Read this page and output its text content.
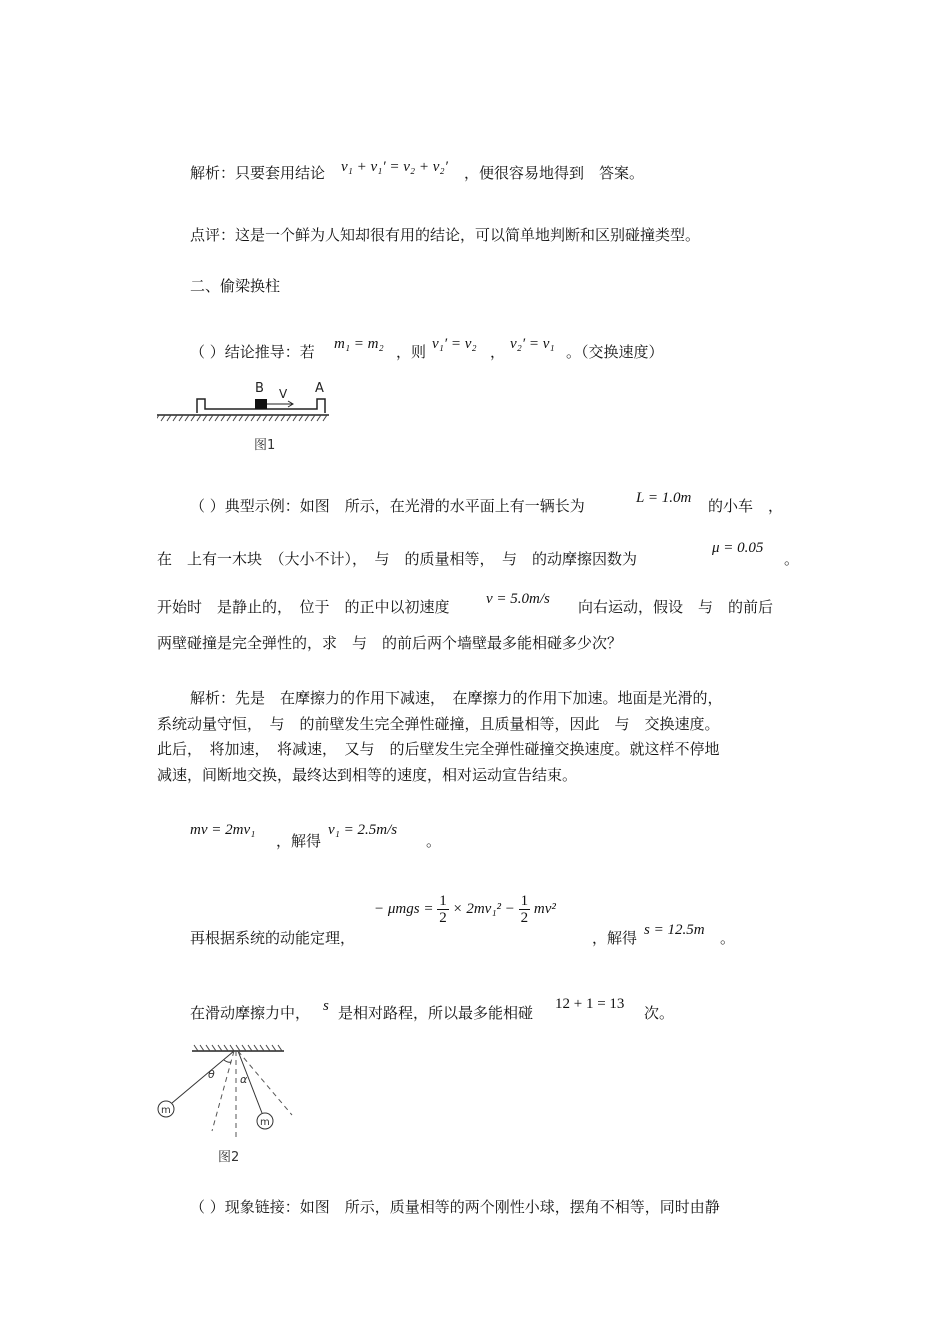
解析：只要套用结论 v₁ + v₁′ = v₂ + v₂′ ，便很容易地得到　答案。
点评：这是一个鲜为人知却很有用的结论，可以简单地判断和区别碰撞类型。
二、偷梁换柱
（ ）结论推导：若 m₁ = m₂ ，则 v₁′ = v₂ ， v₂′ = v₁ 。（交换速度）
B V A
图1
（ ）典型示例：如图　所示，在光滑的水平面上有一辆长为	L = 1.0m 的小车　，
在　上有一木块　（大小不计），　与　的质量相等，　与　的动摩擦因数为
μ = 0.05
。
开始时　是静止的，　位于　的正中以初速度 v = 5.0m/s 向右运动，假设　与　的前后
两壁碰撞是完全弹性的，求　与　的前后两个墙壁最多能相碰多少次？
解析：先是　在摩擦力的作用下减速，　在摩擦力的作用下加速。地面是光滑的，
系统动量守恒，　与　的前壁发生完全弹性碰撞，且质量相等，因此　与　交换速度。
此后，　将加速，　将减速，　又与　的后壁发生完全弹性碰撞交换速度。就这样不停地
减速，间断地交换，最终达到相等的速度，相对运动宣告结束。
mv = 2mv₁
，解得
v₁ = 2.5m/s
。
再根据系统的动能定理，
− $\mu mgs = \frac{1}{2} \times 2mv_1^2 - \frac{1}{2} mv^2$
，解得 s = 12.5m 。
在滑动摩擦力中， s 是相对路程，所以最多能相碰 12 + 1 = 13 次。
θ α
m
m
图2
（ ）现象链接：如图　所示，质量相等的两个刚性小球，摆角不相等，同时由静
